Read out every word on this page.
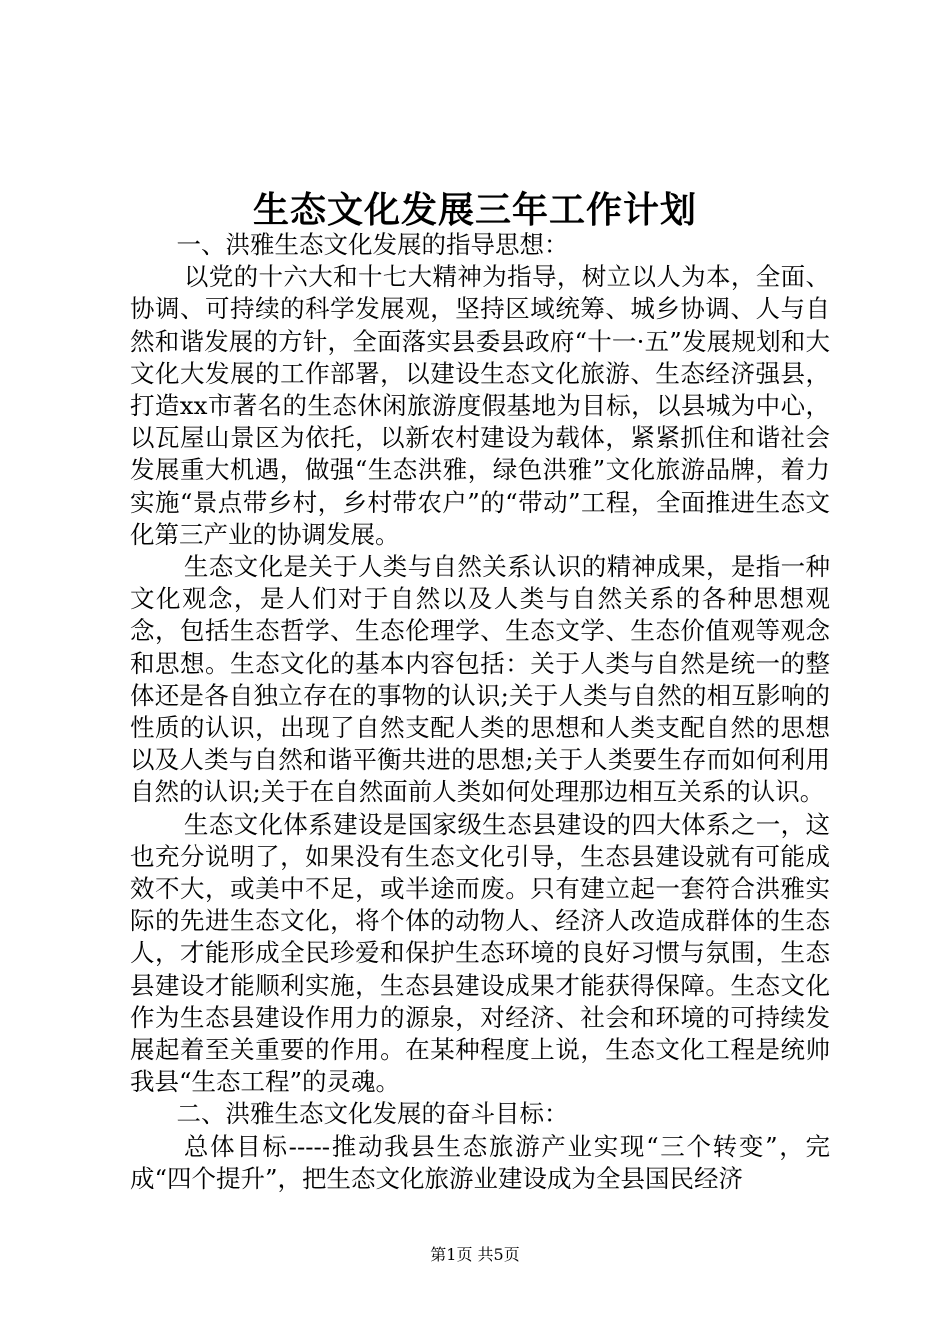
生态文化发展三年工作计划

一、洪雅生态文化发展的指导思想：

以党的十六大和十七大精神为指导，树立以人为本，全面、协调、可持续的科学发展观，坚持区域统筹、城乡协调、人与自然和谐发展的方针，全面落实县委县政府“十一·五”发展规划和大文化大发展的工作部署，以建设生态文化旅游、生态经济强县，打造xx市著名的生态休闲旅游度假基地为目标，以县城为中心，以瓦屋山景区为依托，以新农村建设为载体，紧紧抓住和谐社会发展重大机遇，做强“生态洪雅，绿色洪雅”文化旅游品牌，着力实施“景点带乡村，乡村带农户”的“带动”工程，全面推进生态文化第三产业的协调发展。

生态文化是关于人类与自然关系认识的精神成果，是指一种文化观念，是人们对于自然以及人类与自然关系的各种思想观念，包括生态哲学、生态伦理学、生态文学、生态价值观等观念和思想。生态文化的基本内容包括：关于人类与自然是统一的整体还是各自独立存在的事物的认识;关于人类与自然的相互影响的性质的认识，出现了自然支配人类的思想和人类支配自然的思想以及人类与自然和谐平衡共进的思想;关于人类要生存而如何利用自然的认识;关于在自然面前人类如何处理那边相互关系的认识。

生态文化体系建设是国家级生态县建设的四大体系之一，这也充分说明了，如果没有生态文化引导，生态县建设就有可能成效不大，或美中不足，或半途而废。只有建立起一套符合洪雅实际的先进生态文化，将个体的动物人、经济人改造成群体的生态人，才能形成全民珍爱和保护生态环境的良好习惯与氛围，生态县建设才能顺利实施，生态县建设成果才能获得保障。生态文化作为生态县建设作用力的源泉，对经济、社会和环境的可持续发展起着至关重要的作用。在某种程度上说，生态文化工程是统帅我县“生态工程”的灵魂。

二、洪雅生态文化发展的奋斗目标：

总体目标-----推动我县生态旅游产业实现“三个转变”，完成“四个提升”，把生态文化旅游业建设成为全县国民经济

第1页 共5页
